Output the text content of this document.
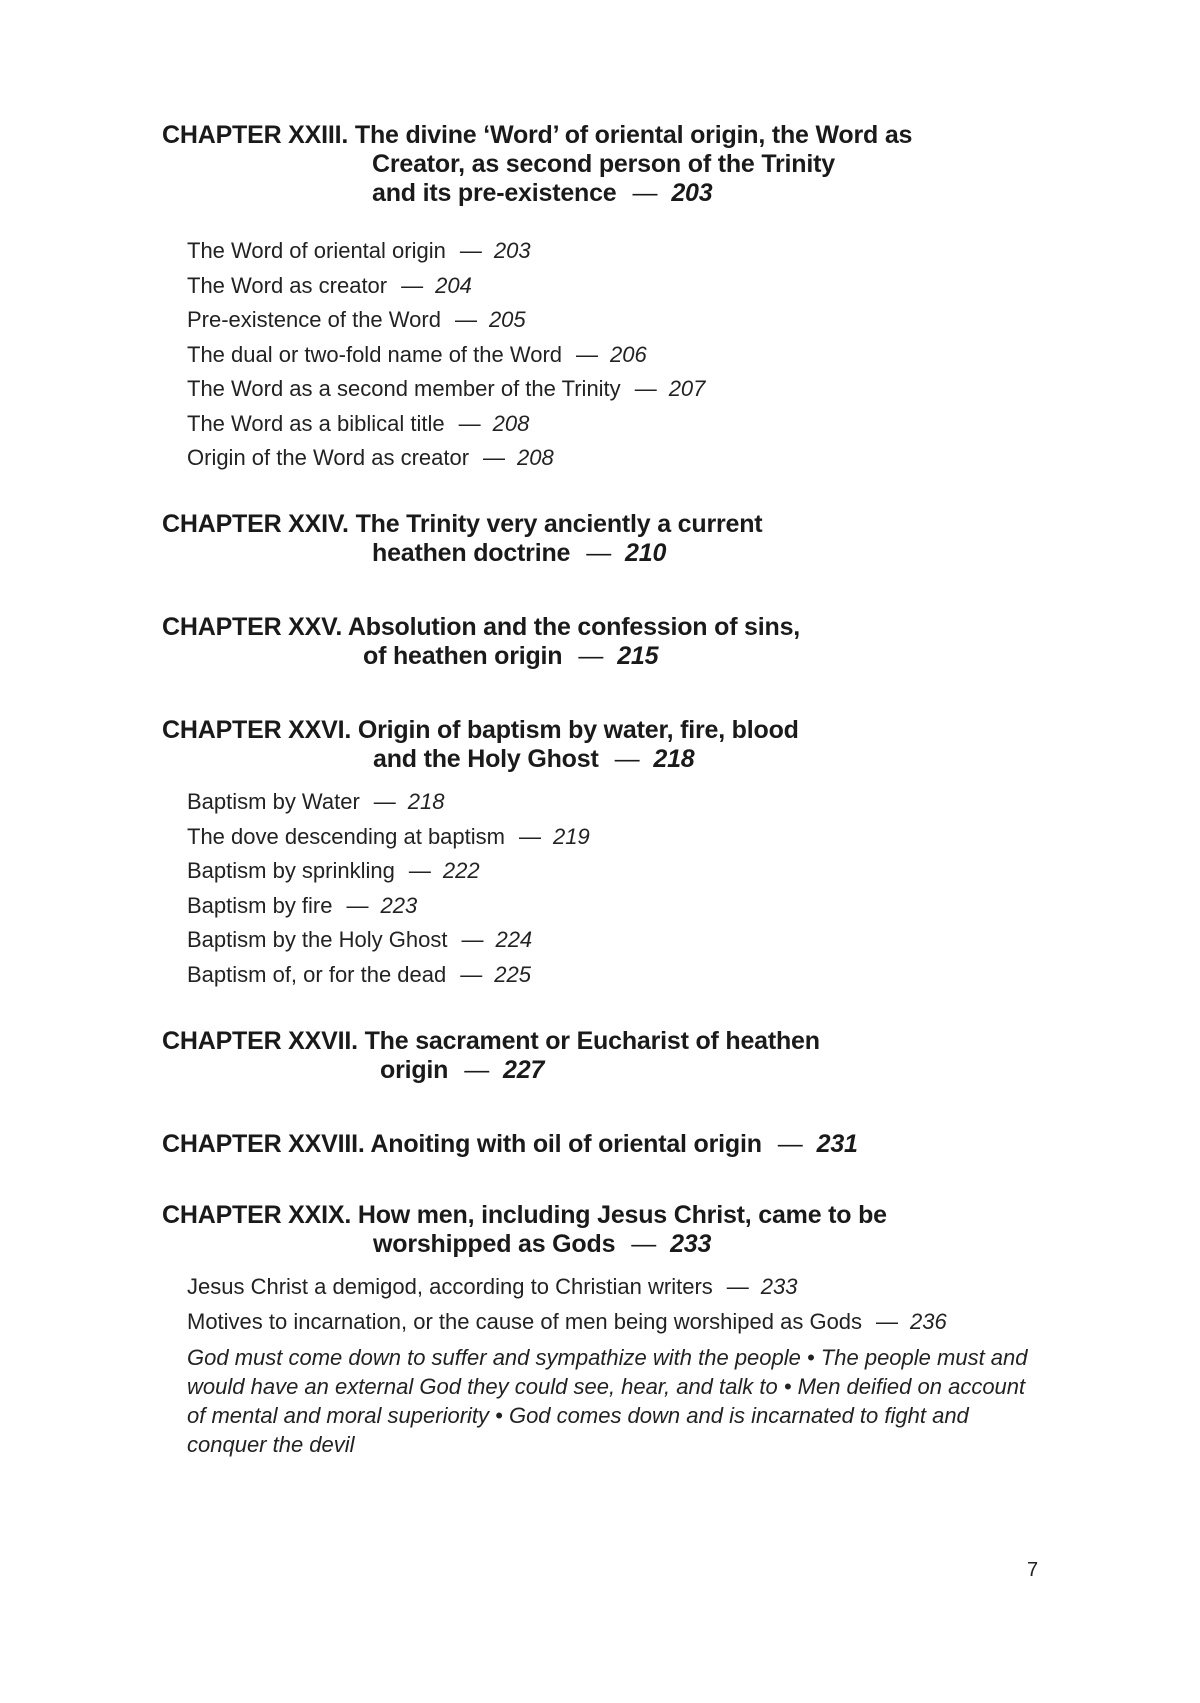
CHAPTER XXIII. The divine ‘Word’ of oriental origin, the Word as
Creator, as second person of the Trinity
and its pre-existence — 203
The Word of oriental origin — 203
The Word as creator — 204
Pre-existence of the Word — 205
The dual or two-fold name of the Word — 206
The Word as a second member of the Trinity — 207
The Word as a biblical title — 208
Origin of the Word as creator — 208
CHAPTER XXIV. The Trinity very anciently a current
heathen doctrine — 210
CHAPTER XXV. Absolution and the confession of sins,
of heathen origin — 215
CHAPTER XXVI. Origin of baptism by water, fire, blood
and the Holy Ghost — 218
Baptism by Water — 218
The dove descending at baptism — 219
Baptism by sprinkling — 222
Baptism by fire — 223
Baptism by the Holy Ghost — 224
Baptism of, or for the dead — 225
CHAPTER XXVII. The sacrament or Eucharist of heathen
origin — 227
CHAPTER XXVIII. Anoiting with oil of oriental origin — 231
CHAPTER XXIX. How men, including Jesus Christ, came to be
worshipped as Gods — 233
Jesus Christ a demigod, according to Christian writers — 233
Motives to incarnation, or the cause of men being worshiped as Gods — 236
God must come down to suffer and sympathize with the people • The people must and would have an external God they could see, hear, and talk to • Men deified on account of mental and moral superiority • God comes down and is incarnated to fight and conquer the devil
7
